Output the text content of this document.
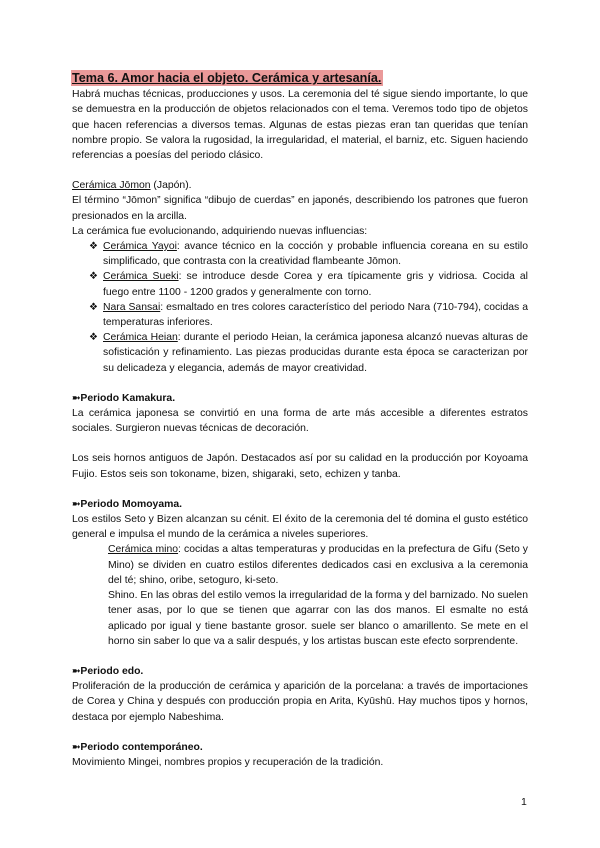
Tema 6. Amor hacia el objeto. Cerámica y artesanía.

Habrá muchas técnicas, producciones y usos. La ceremonia del té sigue siendo importante, lo que se demuestra en la producción de objetos relacionados con el tema. Veremos todo tipo de objetos que hacen referencias a diversos temas. Algunas de estas piezas eran tan queridas que tenían nombre propio. Se valora la rugosidad, la irregularidad, el material, el barniz, etc. Siguen haciendo referencias a poesías del periodo clásico.

Cerámica Jōmon (Japón).

El término “Jōmon” significa “dibujo de cuerdas” en japonés, describiendo los patrones que fueron presionados en la arcilla.

La cerámica fue evolucionando, adquiriendo nuevas influencias:

❖ Cerámica Yayoi: avance técnico en la cocción y probable influencia coreana en su estilo simplificado, que contrasta con la creatividad flambeante Jōmon.
❖ Cerámica Sueki: se introduce desde Corea y era típicamente gris y vidriosa. Cocida al fuego entre 1100 - 1200 grados y generalmente con torno.
❖ Nara Sansai: esmaltado en tres colores característico del periodo Nara (710-794), cocidas a temperaturas inferiores.
❖ Cerámica Heian: durante el periodo Heian, la cerámica japonesa alcanzó nuevas alturas de sofisticación y refinamiento. Las piezas producidas durante esta época se caracterizan por su delicadeza y elegancia, además de mayor creatividad.

➼Periodo Kamakura.

La cerámica japonesa se convirtió en una forma de arte más accesible a diferentes estratos sociales. Surgieron nuevas técnicas de decoración.

Los seis hornos antiguos de Japón. Destacados así por su calidad en la producción por Koyoama Fujio. Estos seis son tokoname, bizen, shigaraki, seto, echizen y tanba.

➼Periodo Momoyama.

Los estilos Seto y Bizen alcanzan su cénit. El éxito de la ceremonia del té domina el gusto estético general e impulsa el mundo de la cerámica a niveles superiores.

Cerámica mino: cocidas a altas temperaturas y producidas en la prefectura de Gifu (Seto y Mino) se dividen en cuatro estilos diferentes dedicados casi en exclusiva a la ceremonia del té; shino, oribe, setoguro, ki-seto.

Shino. En las obras del estilo vemos la irregularidad de la forma y del barnizado. No suelen tener asas, por lo que se tienen que agarrar con las dos manos. El esmalte no está aplicado por igual y tiene bastante grosor. suele ser blanco o amarillento. Se mete en el horno sin saber lo que va a salir después, y los artistas buscan este efecto sorprendente.

➼Periodo edo.

Proliferación de la producción de cerámica y aparición de la porcelana: a través de importaciones de Corea y China y después con producción propia en Arita, Kyūshū. Hay muchos tipos y hornos, destaca por ejemplo Nabeshima.

➼Periodo contemporáneo.

Movimiento Mingei, nombres propios y recuperación de la tradición.

1
